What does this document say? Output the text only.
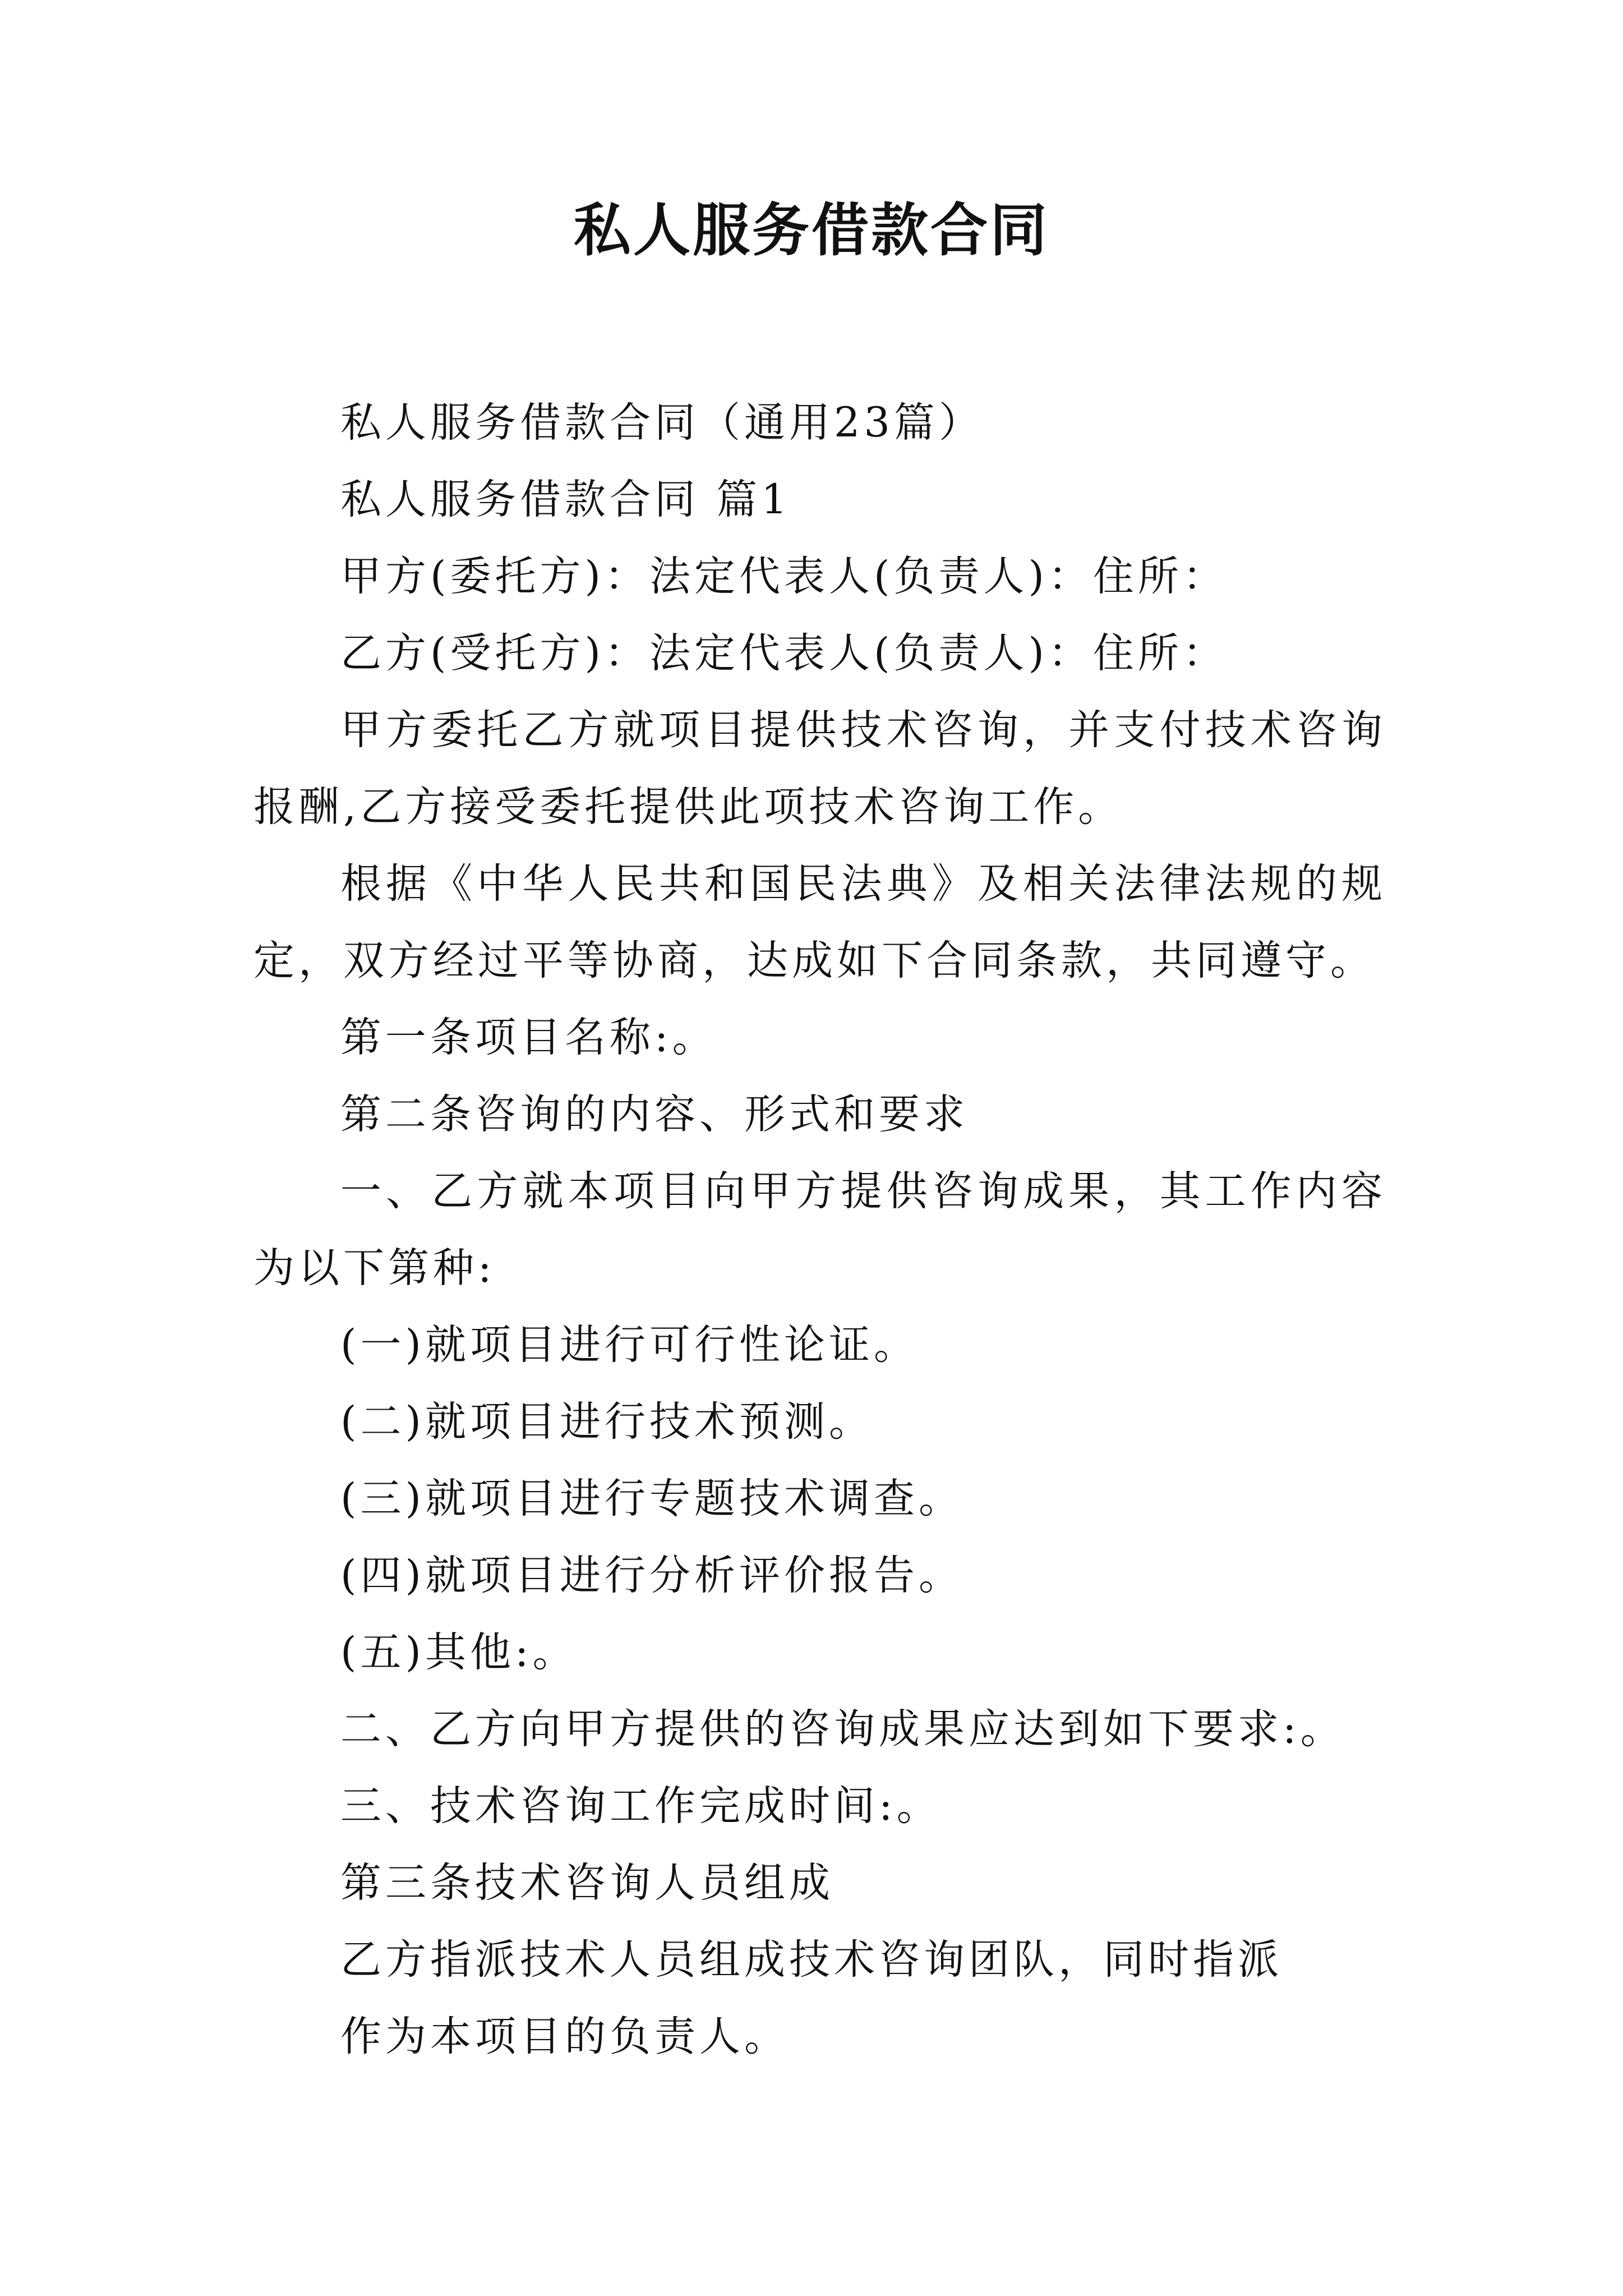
私人服务借款合同

私人服务借款合同（通用23篇）

私人服务借款合同 篇1

甲方(委托方)：法定代表人(负责人)：住所：

乙方(受托方)：法定代表人(负责人)：住所：

甲方委托乙方就项目提供技术咨询，并支付技术咨询报酬,乙方接受委托提供此项技术咨询工作。

根据《中华人民共和国民法典》及相关法律法规的规定，双方经过平等协商，达成如下合同条款，共同遵守。

第一条项目名称:。

第二条咨询的内容、形式和要求

一、乙方就本项目向甲方提供咨询成果，其工作内容为以下第种:

(一)就项目进行可行性论证。

(二)就项目进行技术预测。

(三)就项目进行专题技术调查。

(四)就项目进行分析评价报告。

(五)其他:。

二、乙方向甲方提供的咨询成果应达到如下要求:。

三、技术咨询工作完成时间:。

第三条技术咨询人员组成

乙方指派技术人员组成技术咨询团队，同时指派

作为本项目的负责人。
